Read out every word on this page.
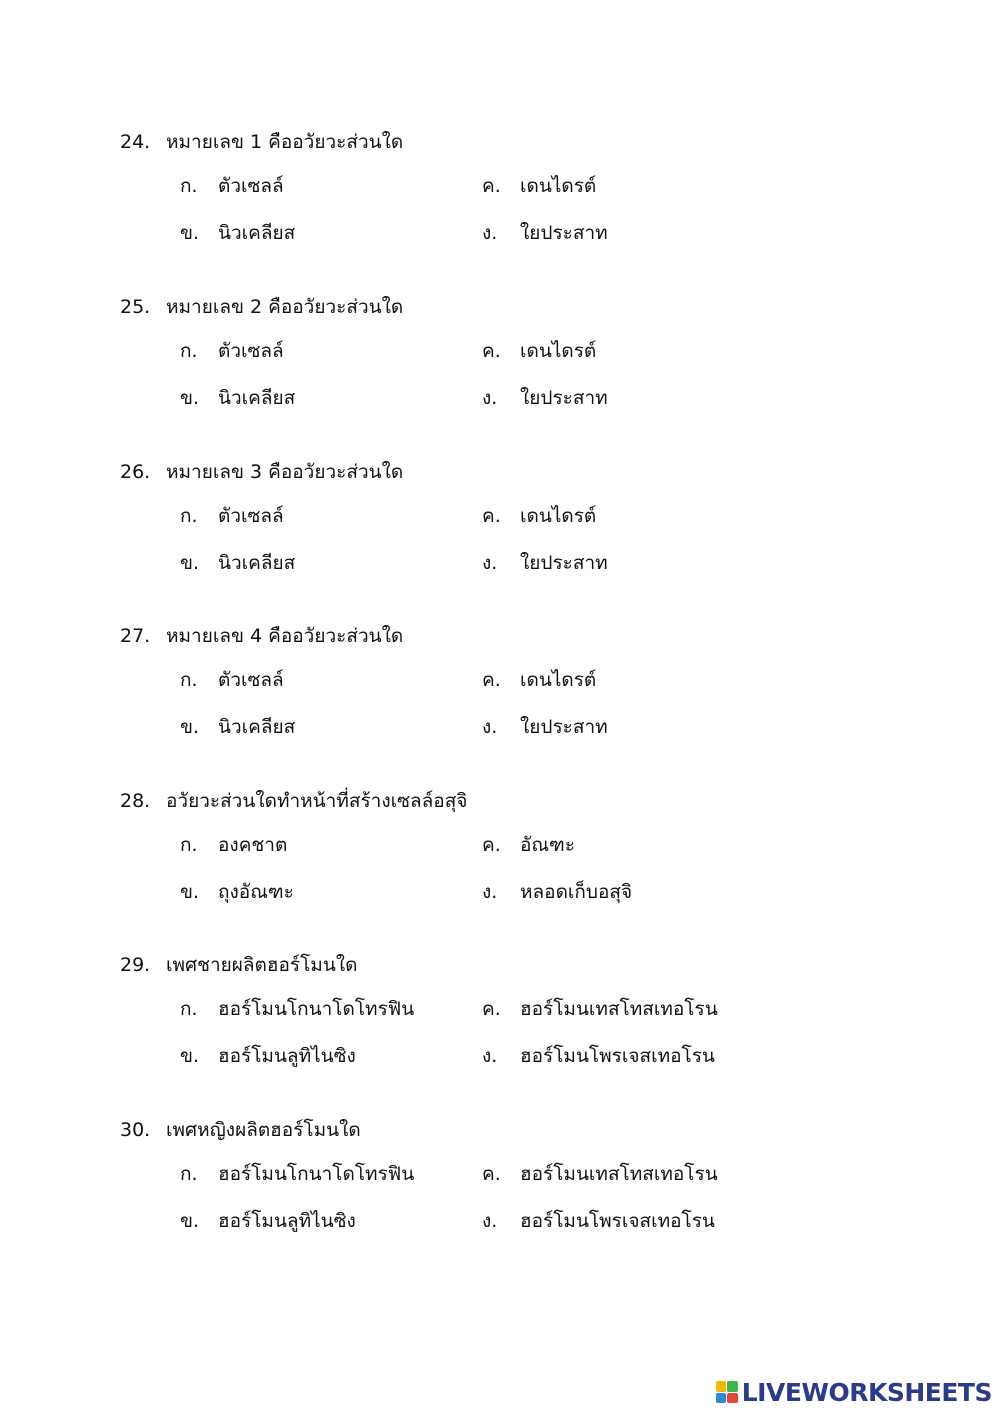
24. หมายเลข 1 คืออวัยวะส่วนใด
ก. ตัวเซลล์
ข. นิวเคลียส
ค. เดนไดรต์
ง. ใยประสาท
25. หมายเลข 2 คืออวัยวะส่วนใด
ก. ตัวเซลล์
ข. นิวเคลียส
ค. เดนไดรต์
ง. ใยประสาท
26. หมายเลข 3 คืออวัยวะส่วนใด
ก. ตัวเซลล์
ข. นิวเคลียส
ค. เดนไดรต์
ง. ใยประสาท
27. หมายเลข 4 คืออวัยวะส่วนใด
ก. ตัวเซลล์
ข. นิวเคลียส
ค. เดนไดรต์
ง. ใยประสาท
28. อวัยวะส่วนใดทำหน้าที่สร้างเซลล์อสุจิ
ก. องคชาต
ข. ถุงอัณฑะ
ค. อัณฑะ
ง. หลอดเก็บอสุจิ
29. เพศชายผลิตฮอร์โมนใด
ก. ฮอร์โมนโกนาโดโทรฟิน
ข. ฮอร์โมนลูทิไนซิง
ค. ฮอร์โมนเทสโทสเทอโรน
ง. ฮอร์โมนโพรเจสเทอโรน
30. เพศหญิงผลิตฮอร์โมนใด
ก. ฮอร์โมนโกนาโดโทรฟิน
ข. ฮอร์โมนลูทิไนซิง
ค. ฮอร์โมนเทสโทสเทอโรน
ง. ฮอร์โมนโพรเจสเทอโรน
LIVEWORKSHEETS
